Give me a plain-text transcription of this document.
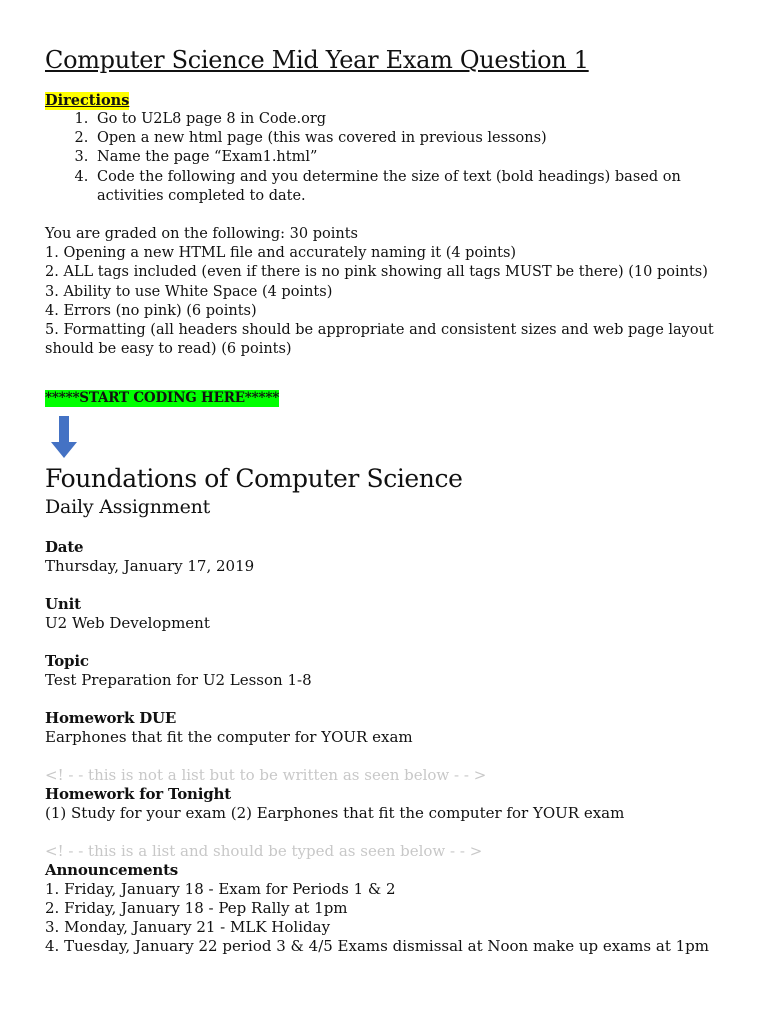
Computer Science Mid Year Exam Question 1
Directions
1. Go to U2L8 page 8 in Code.org
2. Open a new html page (this was covered in previous lessons)
3. Name the page “Exam1.html”
4. Code the following and you determine the size of text (bold headings) based on activities completed to date.
You are graded on the following: 30 points
1. Opening a new HTML file and accurately naming it (4 points)
2. ALL tags included (even if there is no pink showing all tags MUST be there) (10 points)
3. Ability to use White Space (4 points)
4. Errors (no pink) (6 points)
5. Formatting (all headers should be appropriate and consistent sizes and web page layout should be easy to read) (6 points)
*****START CODING HERE*****
Foundations of Computer Science
Daily Assignment
Date
Thursday, January 17, 2019
Unit
U2 Web Development
Topic
Test Preparation for U2 Lesson 1-8
Homework DUE
Earphones that fit the computer for YOUR exam
<! - - this is not a list but to be written as seen below - - >
Homework for Tonight
(1) Study for your exam (2) Earphones that fit the computer for YOUR exam
<! - - this is a list and should be typed as seen below - - >
Announcements
1. Friday, January 18 - Exam for Periods 1 & 2
2. Friday, January 18 - Pep Rally at 1pm
3. Monday, January 21 - MLK Holiday
4. Tuesday, January 22 period 3 & 4/5 Exams dismissal at Noon make up exams at 1pm
